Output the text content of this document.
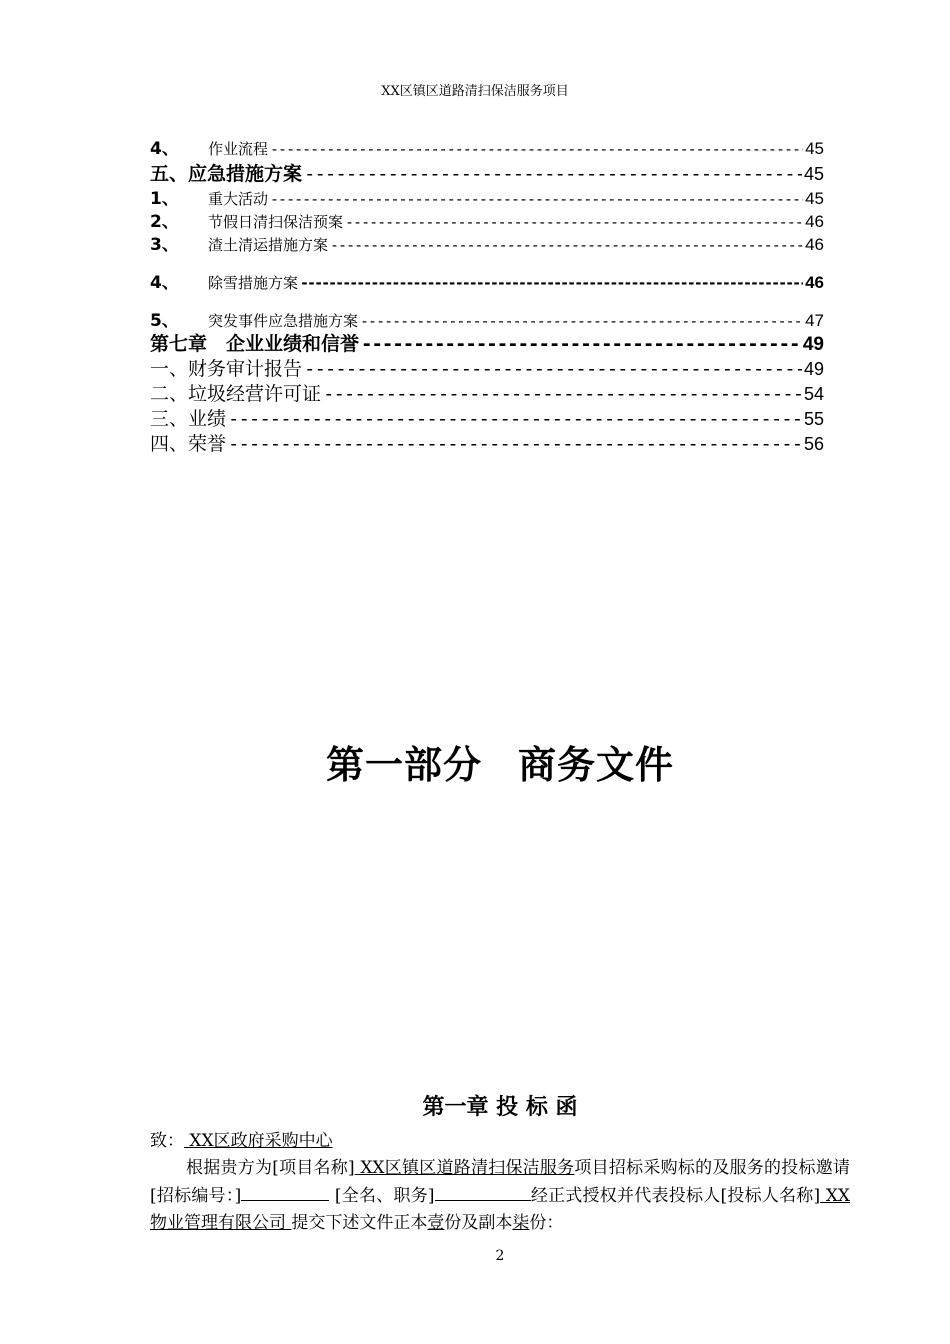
XX区镇区道路清扫保洁服务项目
4、	作业流程 -----	45
五、应急措施方案 -----	45
1、	重大活动 -----	45
2、	节假日清扫保洁预案 -----	46
3、	渣土清运措施方案 -----	46
4、	除雪措施方案 -----	46
5、	突发事件应急措施方案 -----	47
第七章　企业业绩和信誉 -----	49
一、财务审计报告 -----	49
二、垃圾经营许可证 -----	54
三、业绩 -----	55
四、荣誉 -----	56
第一部分 商务文件
第一章 投 标 函
致： XX区政府采购中心
根据贵方为[项目名称] XX区镇区道路清扫保洁服务项目招标采购标的及服务的投标邀请[招标编号：]	[全名、职务]	经正式授权并代表投标人[投标人名称] XX物业管理有限公司 提交下述文件正本壹份及副本柒份：
2
